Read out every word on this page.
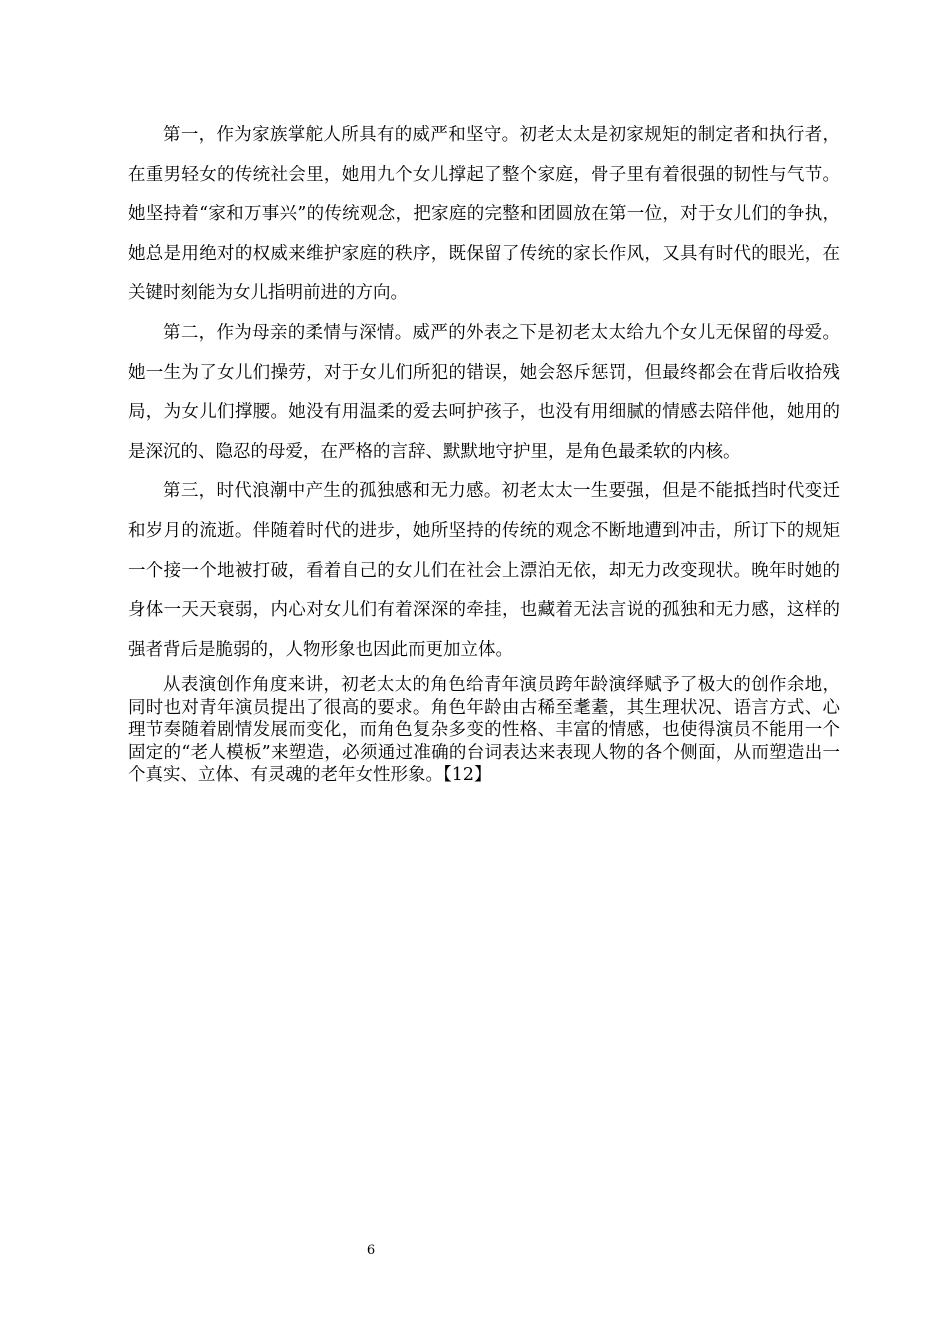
第一，作为家族掌舵人所具有的威严和坚守。初老太太是初家规矩的制定者和执行者，在重男轻女的传统社会里，她用九个女儿撑起了整个家庭，骨子里有着很强的韧性与气节。她坚持着“家和万事兴”的传统观念，把家庭的完整和团圆放在第一位，对于女儿们的争执，她总是用绝对的权威来维护家庭的秩序，既保留了传统的家长作风，又具有时代的眼光，在关键时刻能为女儿指明前进的方向。

第二，作为母亲的柔情与深情。威严的外表之下是初老太太给九个女儿无保留的母爱。她一生为了女儿们操劳，对于女儿们所犯的错误，她会怒斥惩罚，但最终都会在背后收拾残局，为女儿们撑腰。她没有用温柔的爱去呵护孩子，也没有用细腻的情感去陪伴他，她用的是深沉的、隐忍的母爱，在严格的言辞、默默地守护里，是角色最柔软的内核。

第三，时代浪潮中产生的孤独感和无力感。初老太太一生要强，但是不能抵挡时代变迁和岁月的流逝。伴随着时代的进步，她所坚持的传统的观念不断地遭到冲击，所订下的规矩一个接一个地被打破，看着自己的女儿们在社会上漂泊无依，却无力改变现状。晚年时她的身体一天天衰弱，内心对女儿们有着深深的牵挂，也藏着无法言说的孤独和无力感，这样的强者背后是脆弱的，人物形象也因此而更加立体。

从表演创作角度来讲，初老太太的角色给青年演员跨年龄演绎赋予了极大的创作余地，同时也对青年演员提出了很高的要求。角色年龄由古稀至耄耋，其生理状况、语言方式、心理节奏随着剧情发展而变化，而角色复杂多变的性格、丰富的情感，也使得演员不能用一个固定的“老人模板”来塑造，必须通过准确的台词表达来表现人物的各个侧面，从而塑造出一个真实、立体、有灵魂的老年女性形象。【12】

6
